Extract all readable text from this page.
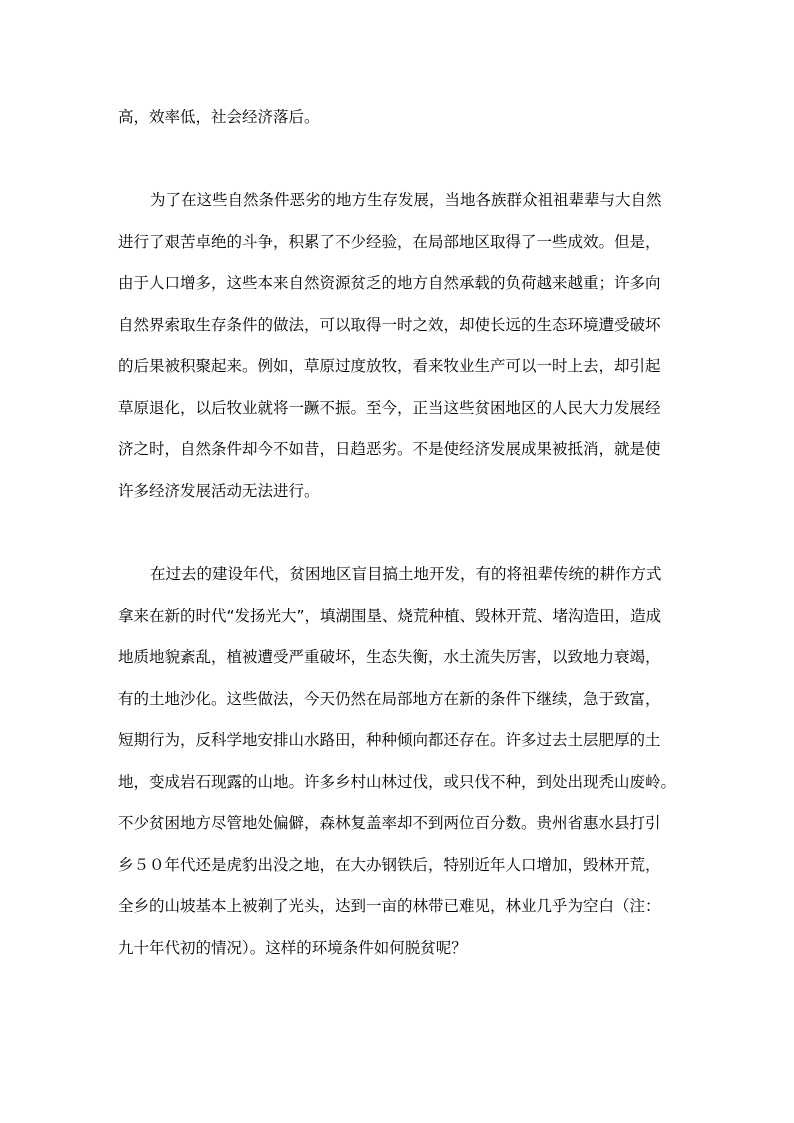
高，效率低，社会经济落后。
为了在这些自然条件恶劣的地方生存发展，当地各族群众祖祖辈辈与大自然
进行了艰苦卓绝的斗争，积累了不少经验，在局部地区取得了一些成效。但是，
由于人口增多，这些本来自然资源贫乏的地方自然承载的负荷越来越重；许多向
自然界索取生存条件的做法，可以取得一时之效，却使长远的生态环境遭受破坏
的后果被积聚起来。例如，草原过度放牧，看来牧业生产可以一时上去，却引起
草原退化，以后牧业就将一蹶不振。至今，正当这些贫困地区的人民大力发展经
济之时，自然条件却今不如昔，日趋恶劣。不是使经济发展成果被抵消，就是使
许多经济发展活动无法进行。
在过去的建设年代，贫困地区盲目搞土地开发，有的将祖辈传统的耕作方式
拿来在新的时代“发扬光大”，填湖围垦、烧荒种植、毁林开荒、堵沟造田，造成
地质地貌紊乱，植被遭受严重破坏，生态失衡，水土流失厉害，以致地力衰竭，
有的土地沙化。这些做法，今天仍然在局部地方在新的条件下继续，急于致富，
短期行为，反科学地安排山水路田，种种倾向都还存在。许多过去土层肥厚的土
地，变成岩石现露的山地。许多乡村山林过伐，或只伐不种，到处出现秃山废岭。
不少贫困地方尽管地处偏僻，森林复盖率却不到两位百分数。贵州省惠水县打引
乡５０年代还是虎豹出没之地，在大办钢铁后，特别近年人口增加，毁林开荒，
全乡的山坡基本上被剃了光头，达到一亩的林带已难见，林业几乎为空白（注：
九十年代初的情况）。这样的环境条件如何脱贫呢？
